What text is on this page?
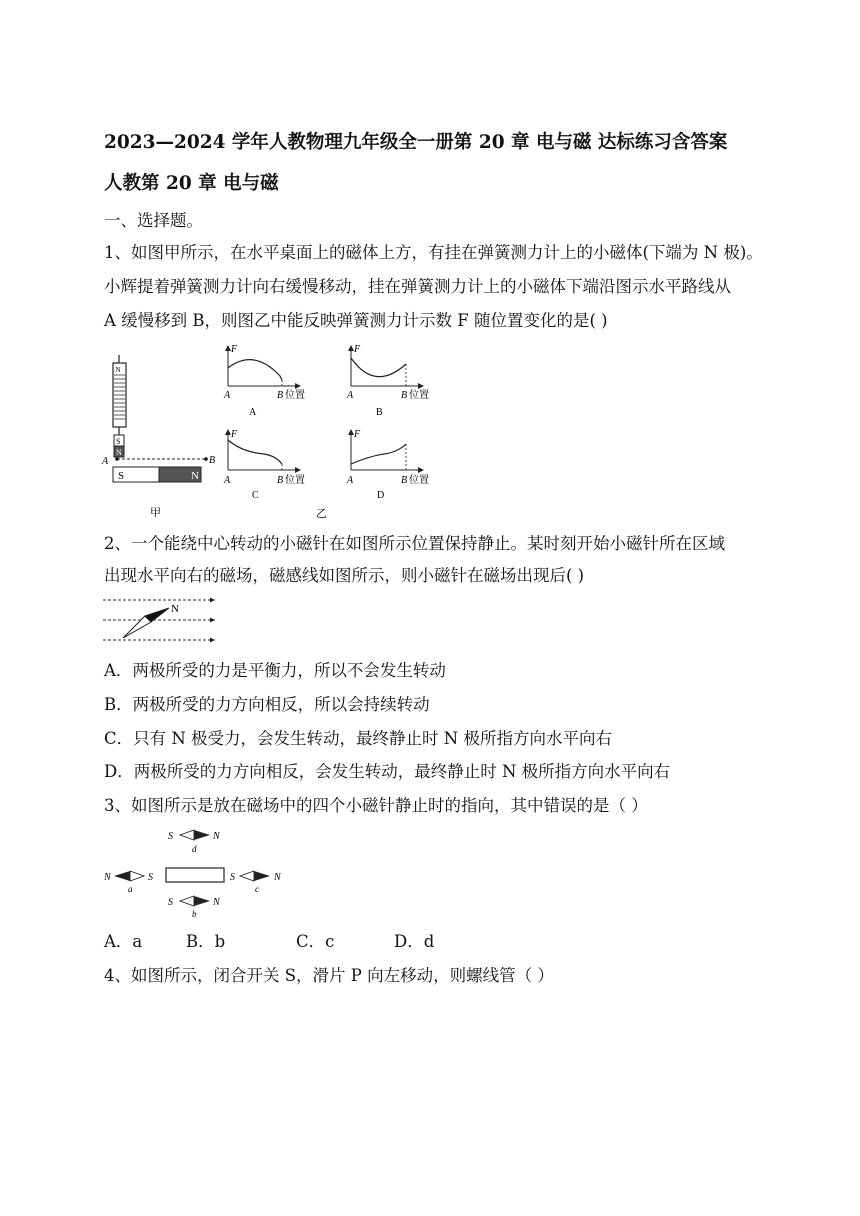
2023—2024 学年人教物理九年级全一册第 20 章 电与磁 达标练习含答案
人教第 20 章 电与磁
一、选择题。
1、如图甲所示，在水平桌面上的磁体上方，有挂在弹簧测力计上的小磁体(下端为 N 极)。
小辉提着弹簧测力计向右缓慢移动，挂在弹簧测力计上的小磁体下端沿图示水平路线从
A 缓慢移到 B，则图乙中能反映弹簧测力计示数 F 随位置变化的是( )
N
S
N
A	B
S	N
甲
F
A	B 位置
A
F
A	B 位置
B
F
A	B 位置
C
F
A	B 位置
D
乙
2、一个能绕中心转动的小磁针在如图所示位置保持静止。某时刻开始小磁针所在区域
出现水平向右的磁场，磁感线如图所示，则小磁针在磁场出现后( )
N
A．两极所受的力是平衡力，所以不会发生转动
B．两极所受的力方向相反，所以会持续转动
C．只有 N 极受力，会发生转动，最终静止时 N 极所指方向水平向右
D．两极所受的力方向相反，会发生转动，最终静止时 N 极所指方向水平向右
3、如图所示是放在磁场中的四个小磁针静止时的指向，其中错误的是（ ）
S	N
d
N	S
a
S	N
c
S	N
b
A．a	B．b	C．c	D．d
4、如图所示，闭合开关 S，滑片 P 向左移动，则螺线管（ ）
